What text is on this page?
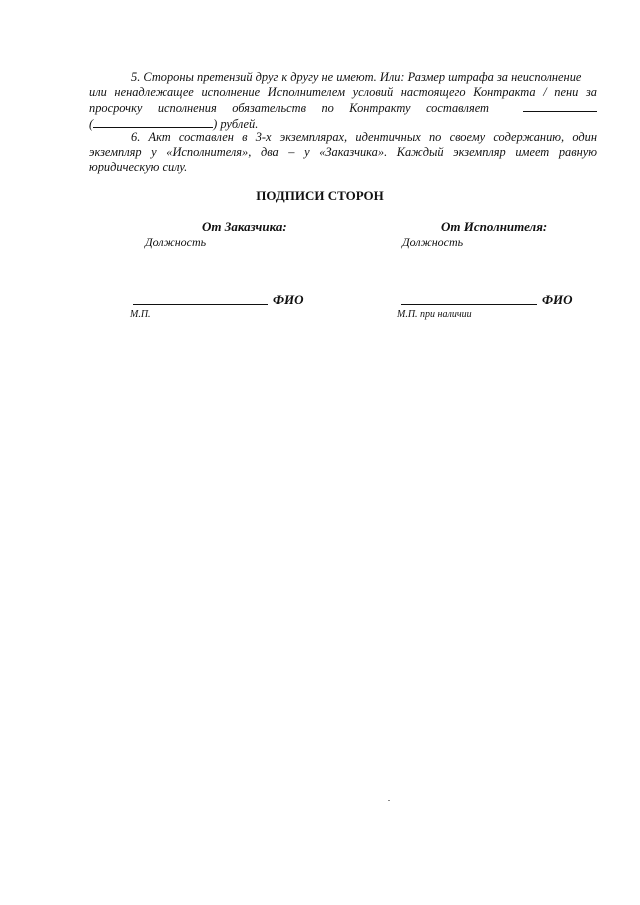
5. Стороны претензий друг к другу не имеют. Или: Размер штрафа за неисполнение
или ненадлежащее исполнение Исполнителем условий настоящего Контракта / пени за
просрочку исполнения обязательств по Контракту составляет
(	) рублей.
6. Акт составлен в 3-х экземплярах, идентичных по своему содержанию, один
экземпляр у «Исполнителя», два – у «Заказчика». Каждый экземпляр имеет равную
юридическую силу.
ПОДПИСИ СТОРОН
От Заказчика:
Должность
ФИО
М.П.
От Исполнителя:
Должность
ФИО
М.П. при наличии
